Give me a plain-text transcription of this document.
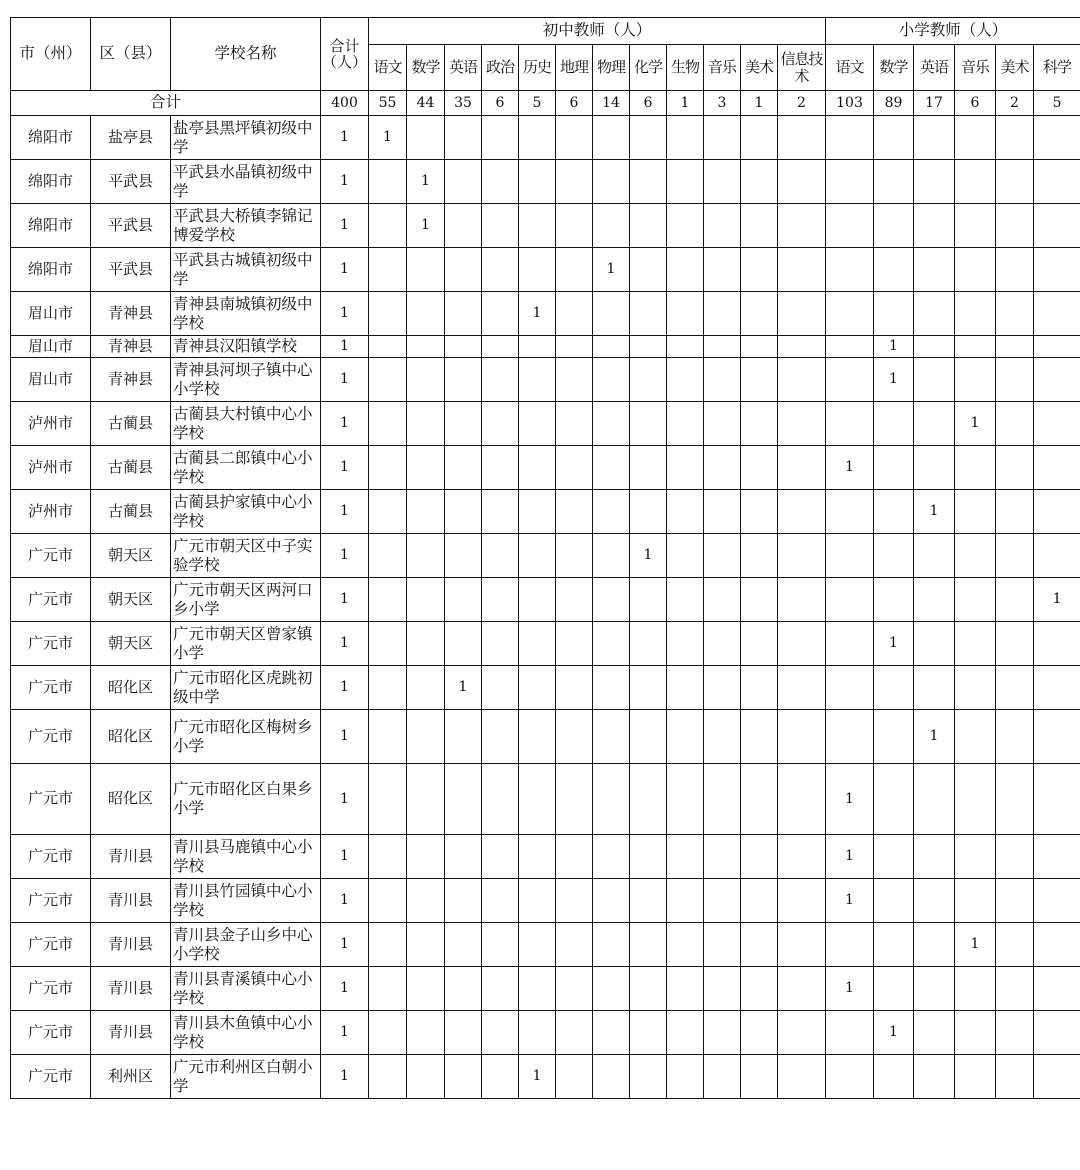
市（州）	区（县）	学校名称	合计（人）	初中教师（人）												小学教师（人）					
				语文	数学	英语	政治	历史	地理	物理	化学	生物	音乐	美术	信息技术	语文	数学	英语	音乐	美术	科学
合计			400	55	44	35	6	5	6	14	6	1	3	1	2	103	89	17	6	2	5
绵阳市	盐亭县	盐亭县黑坪镇初级中学	1	1																	
绵阳市	平武县	平武县水晶镇初级中学	1		1																
绵阳市	平武县	平武县大桥镇李锦记博爱学校	1		1																
绵阳市	平武县	平武县古城镇初级中学	1							1											
眉山市	青神县	青神县南城镇初级中学校	1					1													
眉山市	青神县	青神县汉阳镇学校	1														1				
眉山市	青神县	青神县河坝子镇中心小学校	1														1				
泸州市	古蔺县	古蔺县大村镇中心小学校	1																1		
泸州市	古蔺县	古蔺县二郎镇中心小学校	1													1					
泸州市	古蔺县	古蔺县护家镇中心小学校	1															1			
广元市	朝天区	广元市朝天区中子实验学校	1								1										
广元市	朝天区	广元市朝天区两河口乡小学	1																		1
广元市	朝天区	广元市朝天区曾家镇小学	1														1				
广元市	昭化区	广元市昭化区虎跳初级中学	1			1															
广元市	昭化区	广元市昭化区梅树乡小学	1															1			
广元市	昭化区	广元市昭化区白果乡小学	1													1					
广元市	青川县	青川县马鹿镇中心小学校	1													1					
广元市	青川县	青川县竹园镇中心小学校	1													1					
广元市	青川县	青川县金子山乡中心小学校	1																1		
广元市	青川县	青川县青溪镇中心小学校	1													1					
广元市	青川县	青川县木鱼镇中心小学校	1														1				
广元市	利州区	广元市利州区白朝小学	1					1													
